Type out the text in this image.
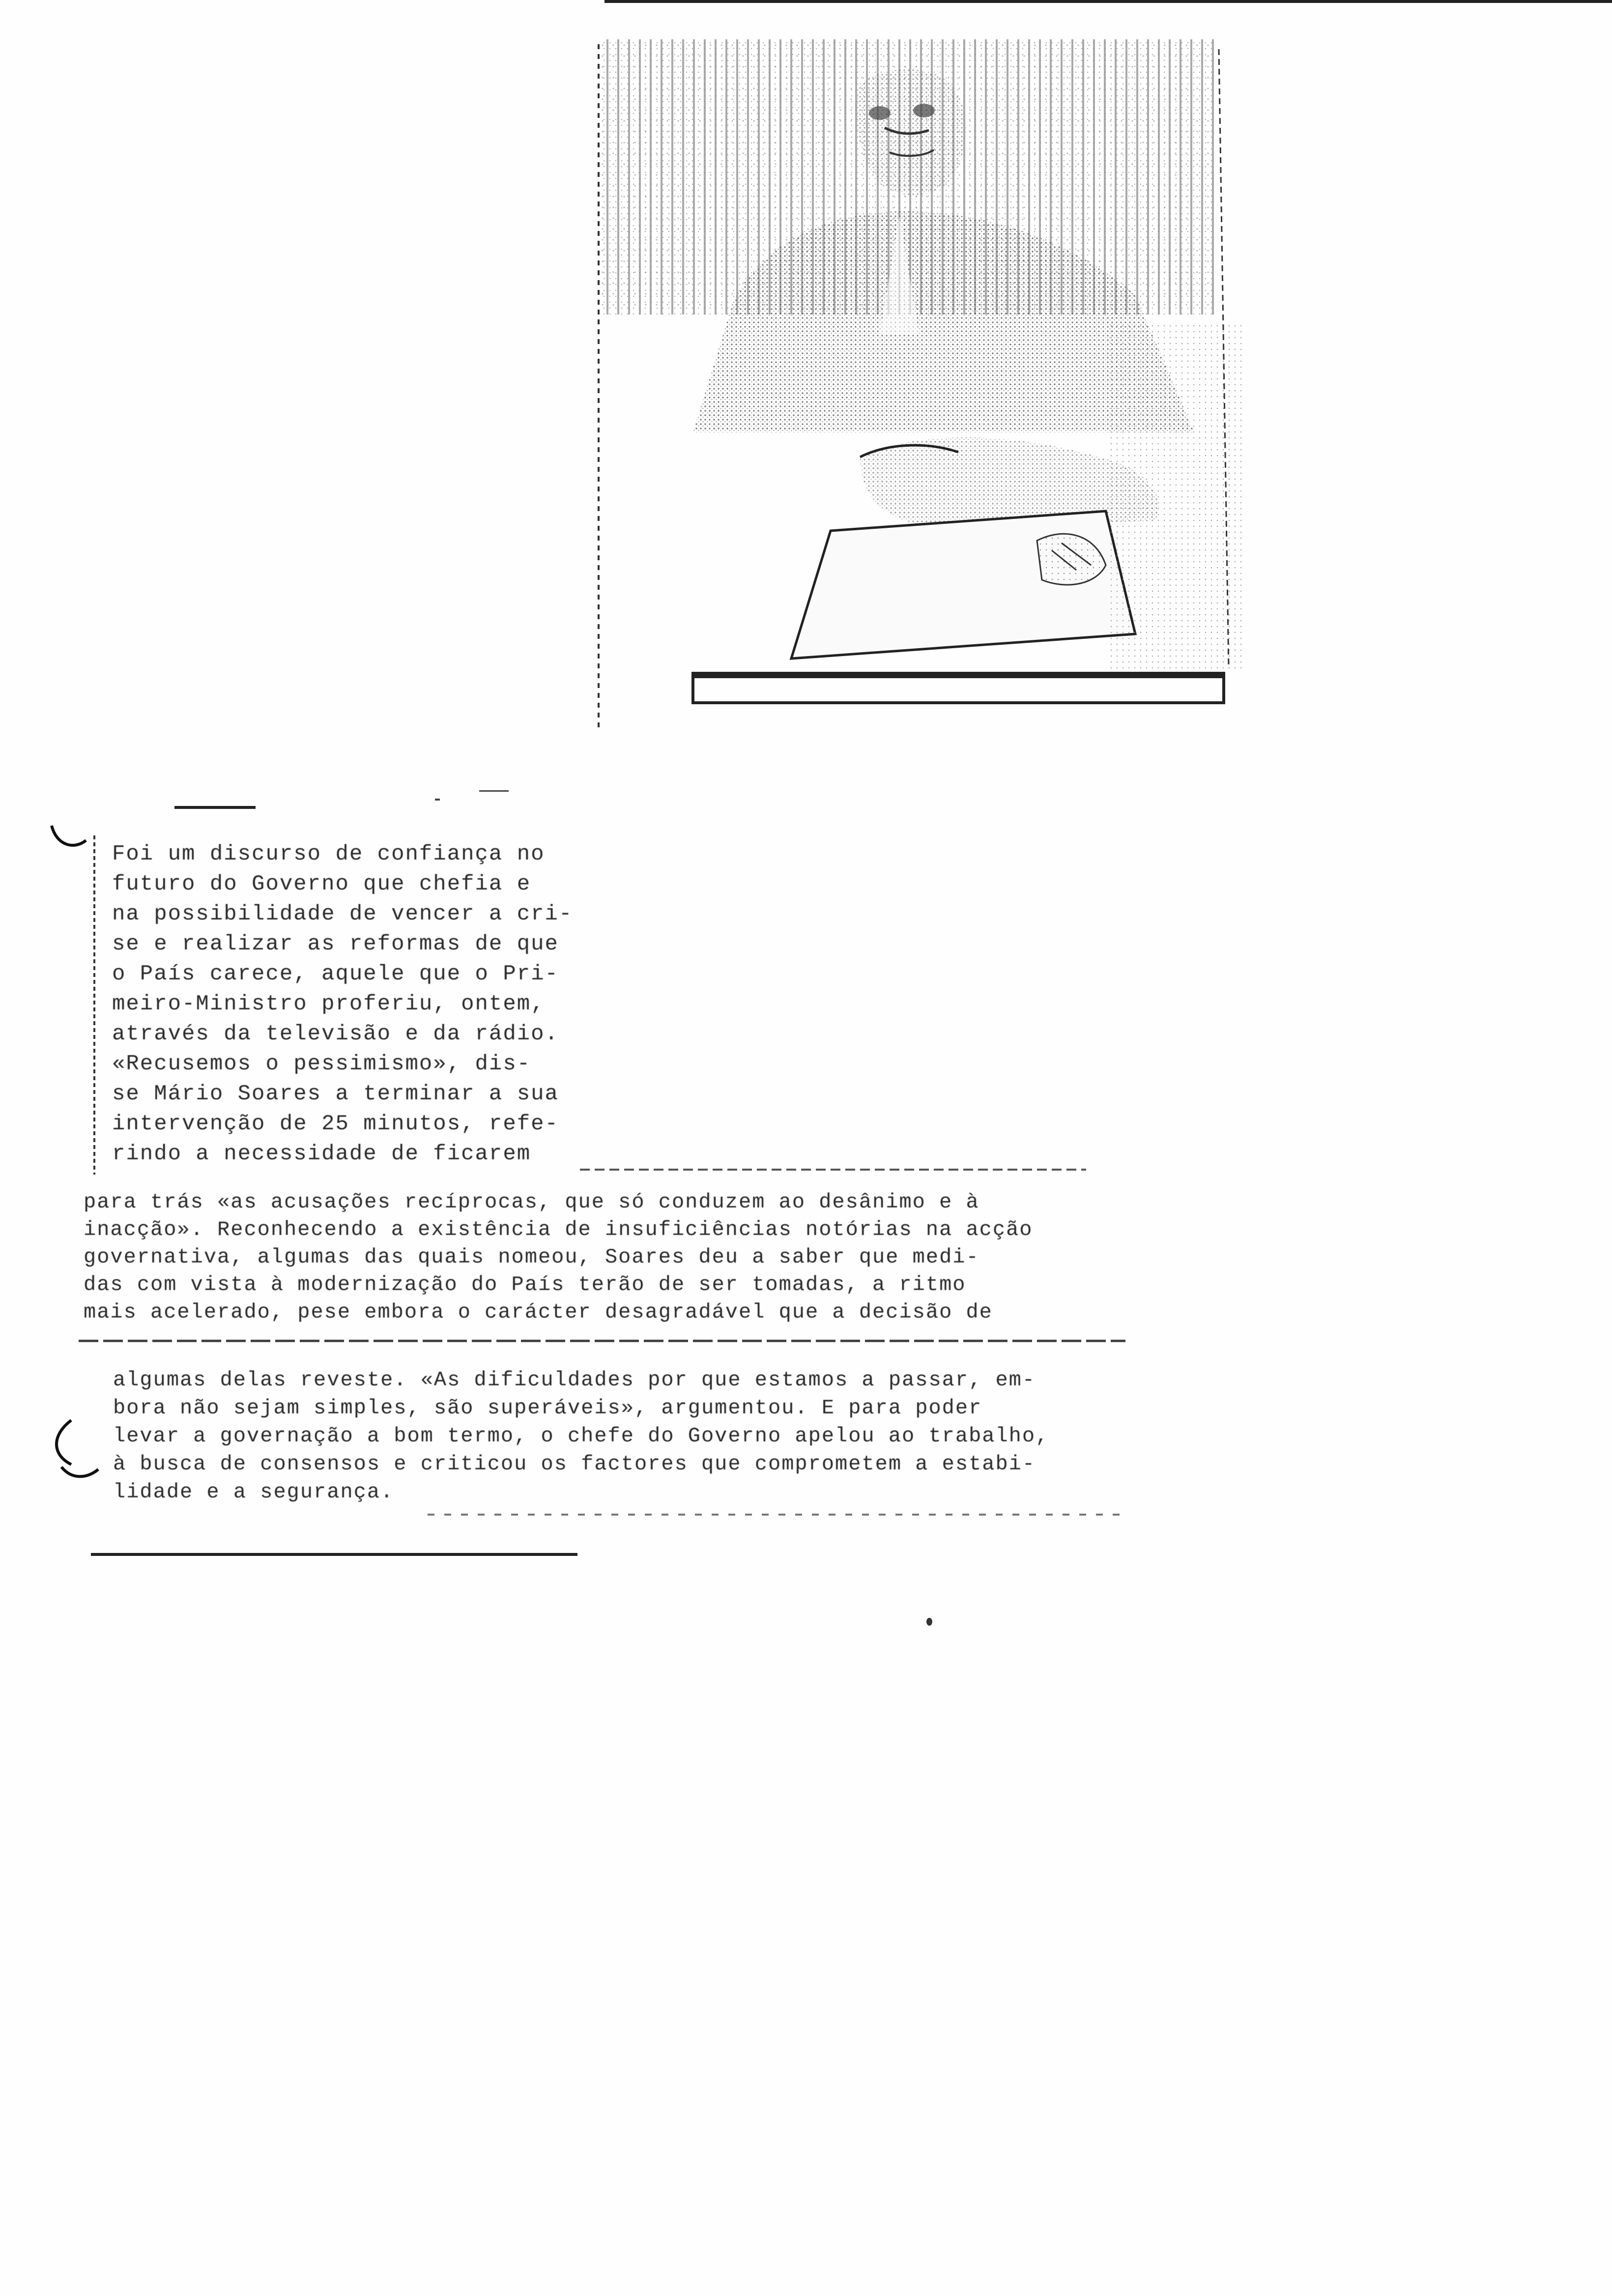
Foi um discurso de confiança no
futuro do Governo que chefia e
na possibilidade de vencer a cri-
se e realizar as reformas de que
o País carece, aquele que o Pri-
meiro-Ministro proferiu, ontem,
através da televisão e da rádio.
«Recusemos o pessimismo», dis-
se Mário Soares a terminar a sua
intervenção de 25 minutos, refe-
rindo a necessidade de ficarem
para trás «as acusações recíprocas, que só conduzem ao desânimo e à
inacção». Reconhecendo a existência de insuficiências notórias na acção
governativa, algumas das quais nomeou, Soares deu a saber que medi-
das com vista à modernização do País terão de ser tomadas, a ritmo
mais acelerado, pese embora o carácter desagradável que a decisão de
algumas delas reveste. «As dificuldades por que estamos a passar, em-
bora não sejam simples, são superáveis», argumentou. E para poder
levar a governação a bom termo, o chefe do Governo apelou ao trabalho,
à busca de consensos e criticou os factores que comprometem a estabi-
lidade e a segurança.
